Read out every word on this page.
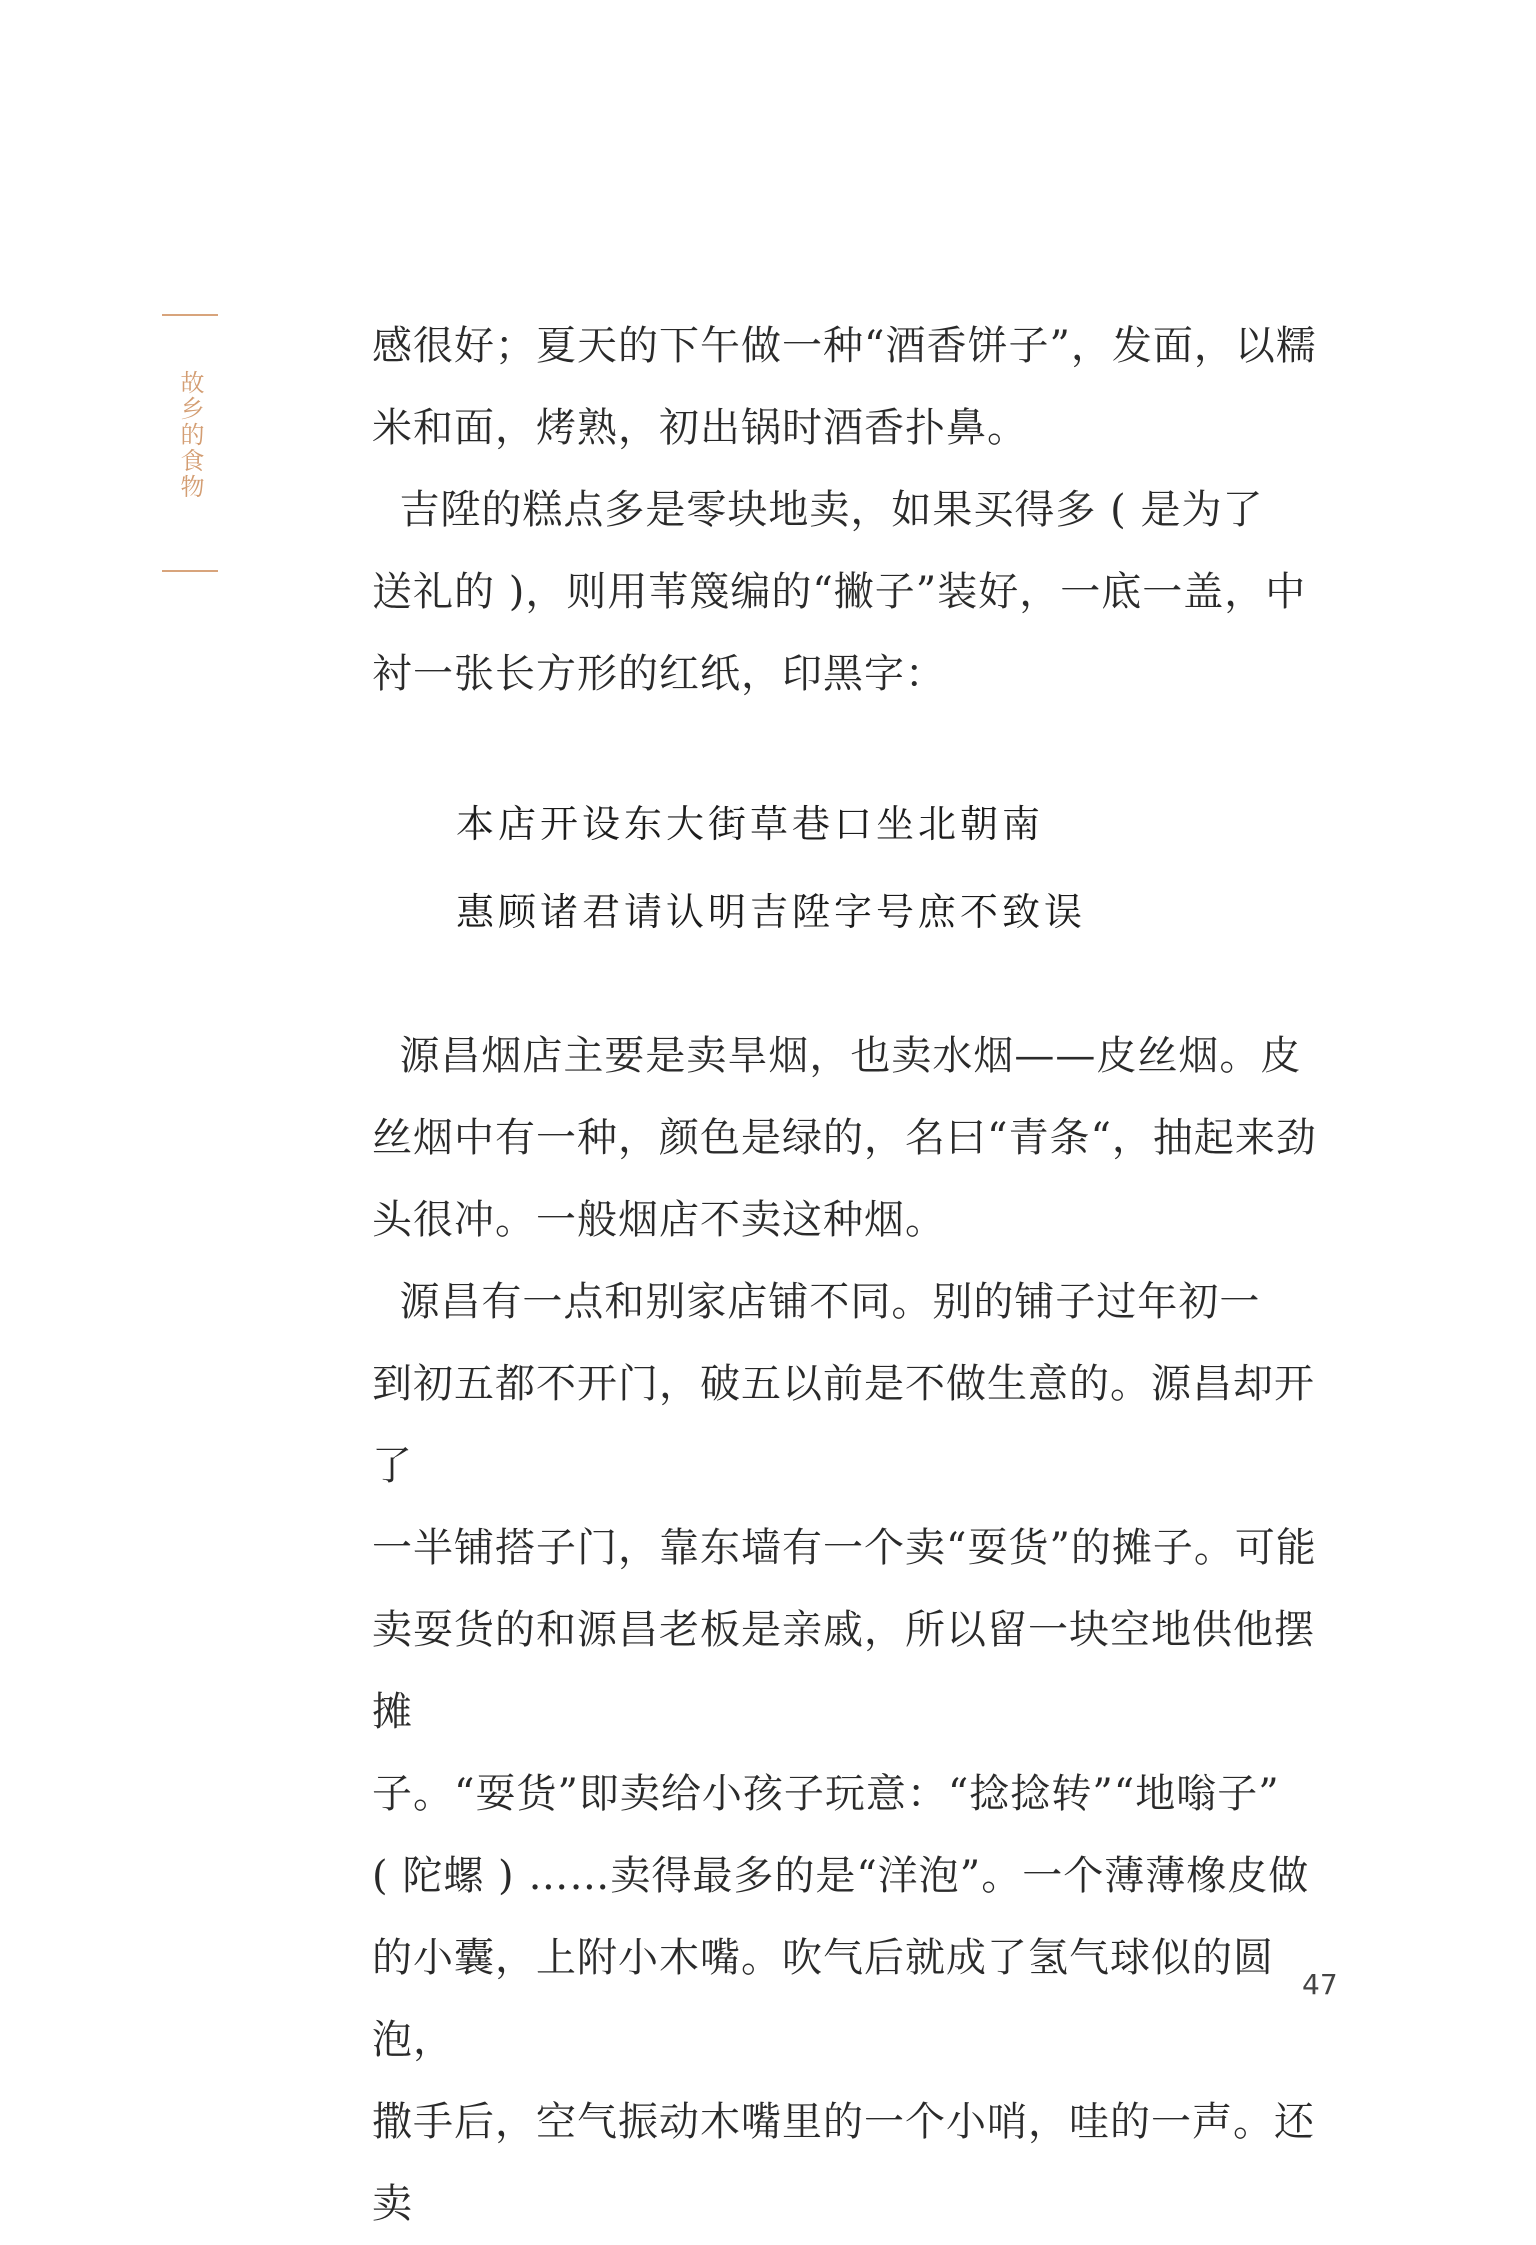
故乡的食物

感很好；夏天的下午做一种“酒香饼子”，发面，以糯
米和面，烤熟，初出锅时酒香扑鼻。

吉陞的糕点多是零块地卖，如果买得多 ( 是为了
送礼的 )，则用苇篾编的“撇子”装好，一底一盖，中
衬一张长方形的红纸，印黑字：

本店开设东大街草巷口坐北朝南
惠顾诸君请认明吉陞字号庶不致误

源昌烟店主要是卖旱烟，也卖水烟——皮丝烟。皮
丝烟中有一种，颜色是绿的，名曰“青条“，抽起来劲
头很冲。一般烟店不卖这种烟。

源昌有一点和别家店铺不同。别的铺子过年初一
到初五都不开门，破五以前是不做生意的。源昌却开了
一半铺搭子门，靠东墙有一个卖“耍货”的摊子。可能
卖耍货的和源昌老板是亲戚，所以留一块空地供他摆摊
子。“耍货”即卖给小孩子玩意：“捻捻转”“地嗡子”
( 陀螺 ) ……卖得最多的是“洋泡”。一个薄薄橡皮做
的小囊，上附小木嘴。吹气后就成了氢气球似的圆泡，
撒手后，空气振动木嘴里的一个小哨，哇的一声。还卖

47
